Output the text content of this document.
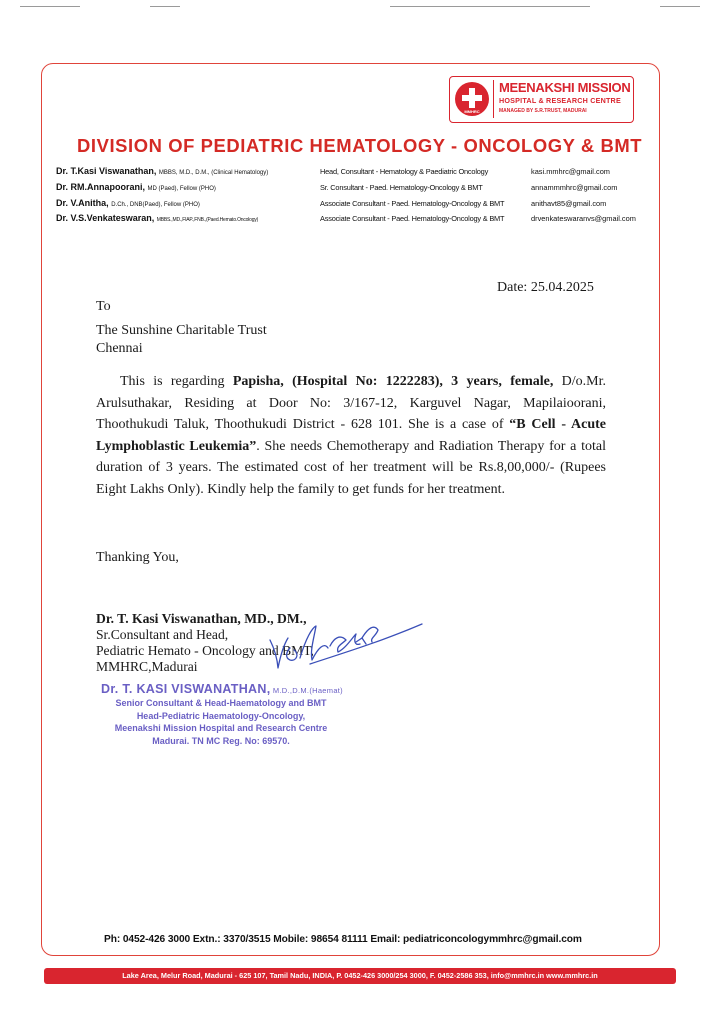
MMHRC
MEENAKSHI MISSION
HOSPITAL & RESEARCH CENTRE
MANAGED BY S.R.TRUST, MADURAI
DIVISION OF PEDIATRIC HEMATOLOGY - ONCOLOGY & BMT
Dr. T.Kasi Viswanathan, MBBS, M.D., D.M., (Clinical Hematology)	Head, Consultant - Hematology & Paediatric Oncology	kasi.mmhrc@gmail.com
Dr. RM.Annapoorani, MD (Paed), Fellow (PHO)	Sr. Consultant - Paed. Hematology-Oncology & BMT	annammmhrc@gmail.com
Dr. V.Anitha, D.Ch., DNB(Paed), Fellow (PHO)	Associate Consultant - Paed. Hematology-Oncology & BMT	anithavt85@gmail.com
Dr. V.S.Venkateswaran, MBBS.,MD.,FIAP.,FNB.,(Paed.Hemato.Oncology)	Associate Consultant - Paed. Hematology-Oncology & BMT	drvenkateswaranvs@gmail.com
Date: 25.04.2025
To
The Sunshine Charitable Trust
Chennai
This is regarding Papisha, (Hospital No: 1222283), 3 years, female, D/o.Mr. Arulsuthakar, Residing at Door No: 3/167-12, Karguvel Nagar, Mapilaioorani, Thoothukudi Taluk, Thoothukudi District - 628 101. She is a case of “B Cell - Acute Lymphoblastic Leukemia”. She needs Chemotherapy and Radiation Therapy for a total duration of 3 years. The estimated cost of her treatment will be Rs.8,00,000/- (Rupees Eight Lakhs Only). Kindly help the family to get funds for her treatment.
Thanking You,
Dr. T. Kasi Viswanathan, MD., DM.,
Sr.Consultant and Head,
Pediatric Hemato - Oncology and BMT,
MMHRC,Madurai
Dr. T. KASI VISWANATHAN, M.D.,D.M.(Haemat)
Senior Consultant & Head-Haematology and BMT
Head-Pediatric Haematology-Oncology,
Meenakshi Mission Hospital and Research Centre
Madurai. TN MC Reg. No: 69570.
Ph: 0452-426 3000 Extn.: 3370/3515 Mobile: 98654 81111 Email: pediatriconcologymmhrc@gmail.com
Lake Area, Melur Road, Madurai - 625 107, Tamil Nadu, INDIA, P. 0452-426 3000/254 3000, F. 0452-2586 353, info@mmhrc.in www.mmhrc.in
